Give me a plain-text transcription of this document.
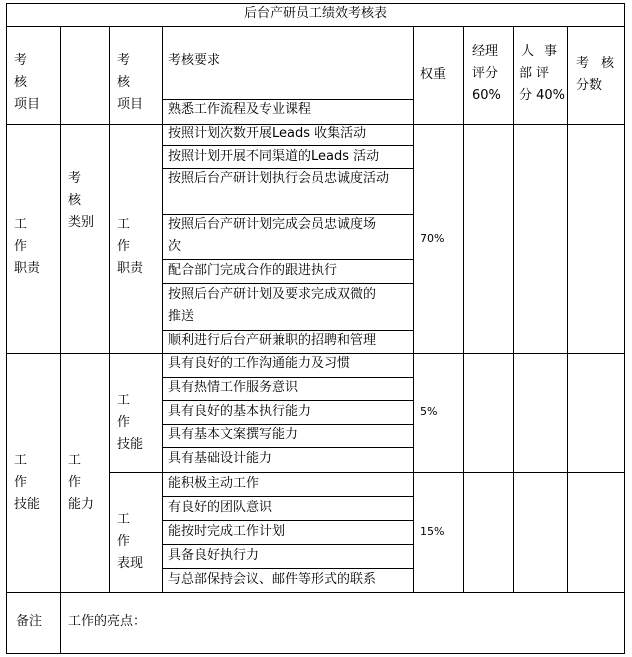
后台产研员工绩效考核表
考核
项目
考核
项目
考核要求
权重
经理
评分
60%
人事
部评
分 40%
考核
分数
熟悉工作流程及专业课程
工作
职责
考核
类别	工作
职责
按照计划次数开展Leads 收集活动
按照计划开展不同渠道的Leads 活动
按照后台产研计划执行会员忠诚度活动
按照后台产研计划完成会员忠诚度场
次
配合部门完成合作的跟进执行
按照后台产研计划及要求完成双微的
推送
顺利进行后台产研兼职的招聘和管理
70%
工作
技能
工作
能力
工作
技能
具有良好的工作沟通能力及习惯
具有热情工作服务意识
具有良好的基本执行能力
具有基本文案撰写能力
具有基础设计能力
5%
工作
表现
能积极主动工作
有良好的团队意识
能按时完成工作计划
具备良好执行力
与总部保持会议、邮件等形式的联系
15%
备注 工作的亮点：
